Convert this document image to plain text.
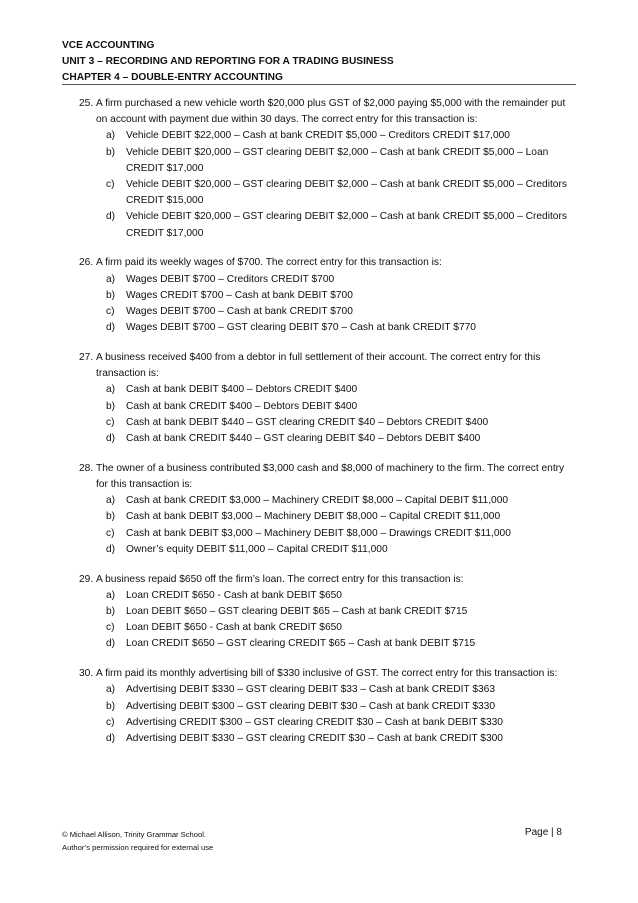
VCE ACCOUNTING
UNIT 3 – RECORDING AND REPORTING FOR A TRADING BUSINESS
CHAPTER 4 – DOUBLE-ENTRY ACCOUNTING
25. A firm purchased a new vehicle worth $20,000 plus GST of $2,000 paying $5,000 with the remainder put on account with payment due within 30 days. The correct entry for this transaction is:
a)	Vehicle DEBIT $22,000 – Cash at bank CREDIT $5,000 – Creditors CREDIT $17,000
b)	Vehicle DEBIT $20,000 – GST clearing DEBIT $2,000 – Cash at bank CREDIT $5,000 – Loan CREDIT $17,000
c)	Vehicle DEBIT $20,000 – GST clearing DEBIT $2,000 – Cash at bank CREDIT $5,000 – Creditors CREDIT $15,000
d)	Vehicle DEBIT $20,000 – GST clearing DEBIT $2,000 – Cash at bank CREDIT $5,000 – Creditors CREDIT $17,000
26. A firm paid its weekly wages of $700. The correct entry for this transaction is:
a)	Wages DEBIT $700 – Creditors CREDIT $700
b)	Wages CREDIT $700 – Cash at bank DEBIT $700
c)	Wages DEBIT $700 – Cash at bank CREDIT $700
d)	Wages DEBIT $700 – GST clearing DEBIT $70 – Cash at bank CREDIT $770
27. A business received $400 from a debtor in full settlement of their account. The correct entry for this transaction is:
a)	Cash at bank DEBIT $400 – Debtors CREDIT $400
b)	Cash at bank CREDIT $400 – Debtors DEBIT $400
c)	Cash at bank DEBIT $440 – GST clearing CREDIT $40 – Debtors CREDIT $400
d)	Cash at bank CREDIT $440 – GST clearing DEBIT $40 – Debtors DEBIT $400
28. The owner of a business contributed $3,000 cash and $8,000 of machinery to the firm. The correct entry for this transaction is:
a)	Cash at bank CREDIT $3,000 – Machinery CREDIT $8,000 – Capital DEBIT $11,000
b)	Cash at bank DEBIT $3,000 – Machinery DEBIT $8,000 – Capital CREDIT $11,000
c)	Cash at bank DEBIT $3,000 – Machinery DEBIT $8,000 – Drawings CREDIT $11,000
d)	Owner’s equity DEBIT $11,000 – Capital CREDIT $11,000
29. A business repaid $650 off the firm’s loan. The correct entry for this transaction is:
a)	Loan CREDIT $650 - Cash at bank DEBIT $650
b)	Loan DEBIT $650 – GST clearing DEBIT $65 – Cash at bank CREDIT $715
c)	Loan DEBIT $650 - Cash at bank CREDIT $650
d)	Loan CREDIT $650 – GST clearing CREDIT $65 – Cash at bank DEBIT $715
30. A firm paid its monthly advertising bill of $330 inclusive of GST. The correct entry for this transaction is:
a)	Advertising DEBIT $330 – GST clearing DEBIT $33 – Cash at bank CREDIT $363
b)	Advertising DEBIT $300 – GST clearing DEBIT $30 – Cash at bank CREDIT $330
c)	Advertising CREDIT $300 – GST clearing CREDIT $30 – Cash at bank DEBIT $330
d)	Advertising DEBIT $330 – GST clearing CREDIT $30 – Cash at bank CREDIT $300
© Michael Allison, Trinity Grammar School.
Author’s permission required for external use
Page | 8
